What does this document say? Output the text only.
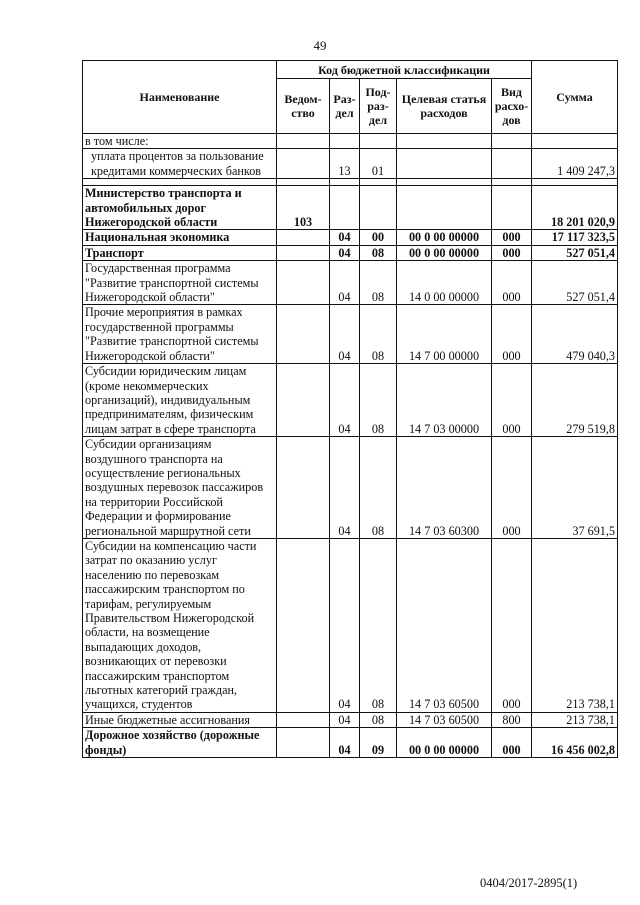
49
Наименование	Код бюджетной классификации					Сумма
	Ведом-ство	Раз-дел	Под-раз-дел	Целевая статья расходов	Вид расхо-дов	
в том числе:						
уплата процентов за пользование кредитами коммерческих банков		13	01			1 409 247,3

Министерство транспорта и автомобильных дорог Нижегородской области	103					18 201 020,9
Национальная экономика		04	00	00 0 00 00000	000	17 117 323,5
Транспорт		04	08	00 0 00 00000	000	527 051,4
Государственная программа "Развитие транспортной системы Нижегородской области"		04	08	14 0 00 00000	000	527 051,4
Прочие мероприятия в рамках государственной программы "Развитие транспортной системы Нижегородской области"		04	08	14 7 00 00000	000	479 040,3
Субсидии юридическим лицам (кроме некоммерческих организаций), индивидуальным предпринимателям, физическим лицам затрат в сфере транспорта		04	08	14 7 03 00000	000	279 519,8
Субсидии организациям воздушного транспорта на осуществление региональных воздушных перевозок пассажиров на территории Российской Федерации и формирование региональной маршрутной сети		04	08	14 7 03 60300	000	37 691,5
Субсидии на компенсацию части затрат по оказанию услуг населению по перевозкам пассажирским транспортом по тарифам, регулируемым Правительством Нижегородской области, на возмещение выпадающих доходов, возникающих от перевозки пассажирским транспортом льготных категорий граждан, учащихся, студентов		04	08	14 7 03 60500	000	213 738,1
Иные бюджетные ассигнования		04	08	14 7 03 60500	800	213 738,1
Дорожное хозяйство (дорожные фонды)		04	09	00 0 00 00000	000	16 456 002,8
0404/2017-2895(1)
